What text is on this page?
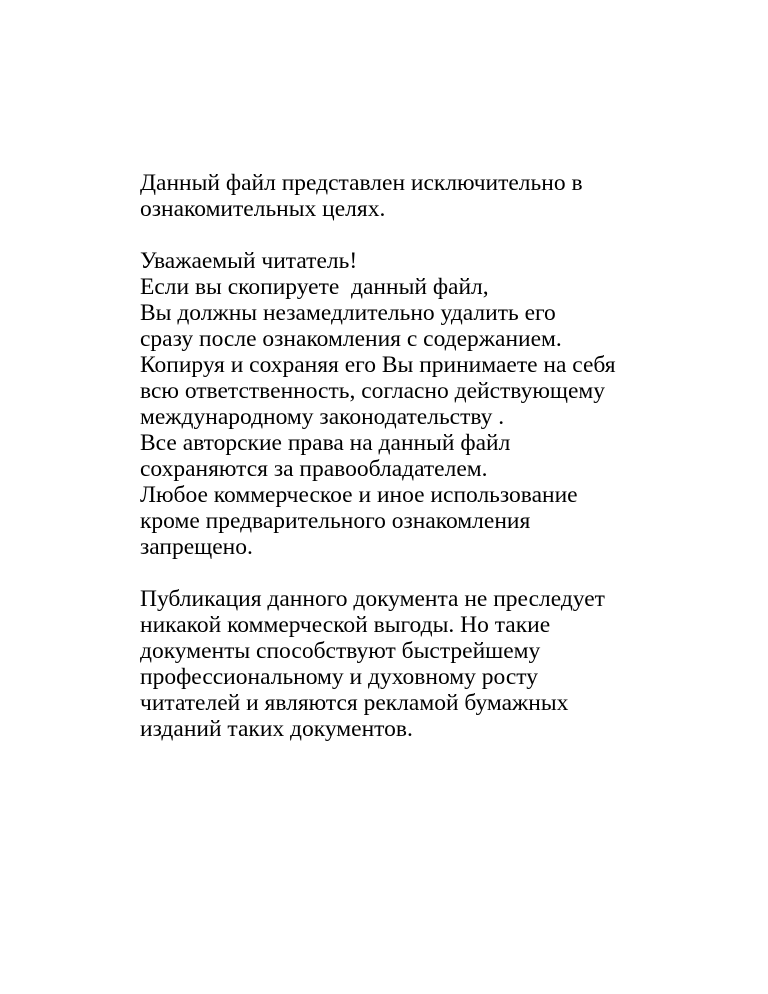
Данный файл представлен исключительно в
ознакомительных целях.
Уважаемый читатель!
Если вы скопируете  данный файл,
Вы должны незамедлительно удалить его
сразу после ознакомления с содержанием.
Копируя и сохраняя его Вы принимаете на себя
всю ответственность, согласно действующему
международному законодательству .
Все авторские права на данный файл
сохраняются за правообладателем.
Любое коммерческое и иное использование
кроме предварительного ознакомления
запрещено.
Публикация данного документа не преследует
никакой коммерческой выгоды. Но такие
документы способствуют быстрейшему
профессиональному и духовному росту
читателей и являются рекламой бумажных
изданий таких документов.
